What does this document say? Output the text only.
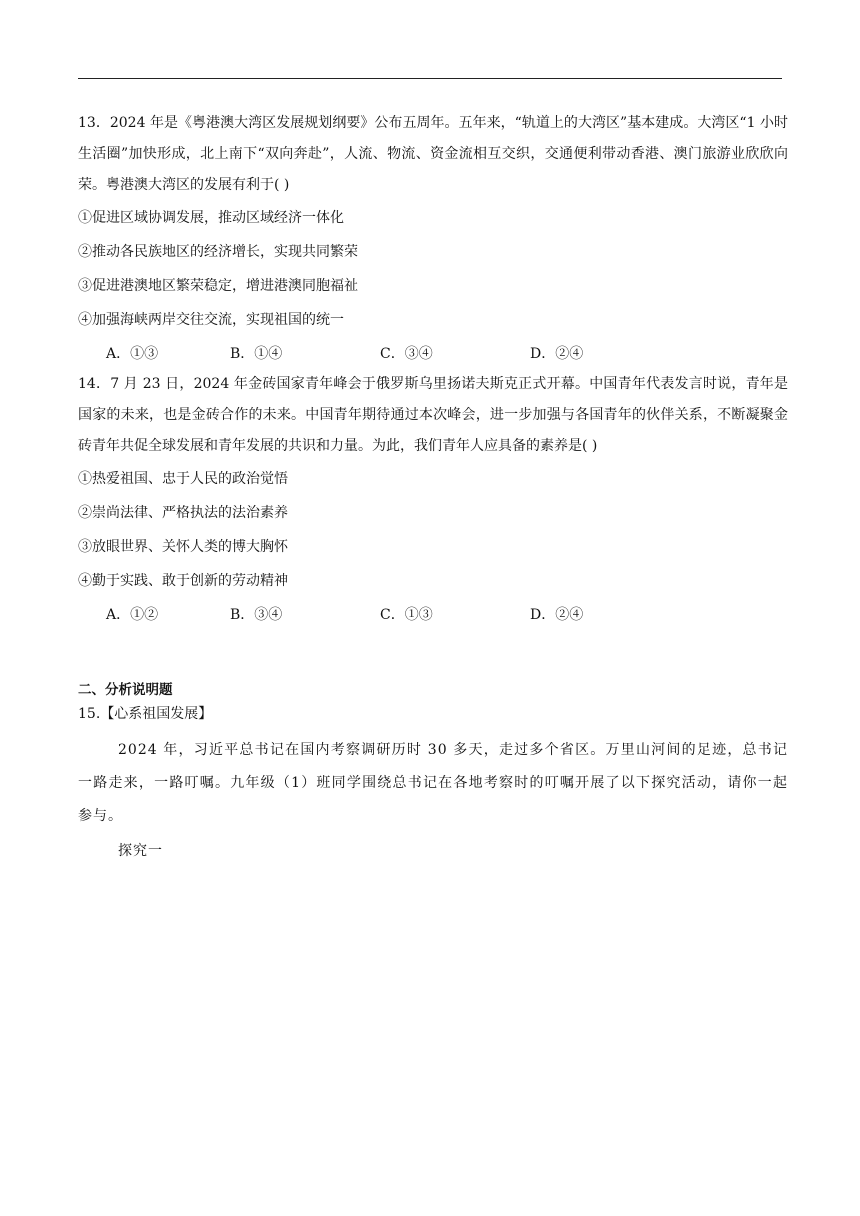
13．2024 年是《粤港澳大湾区发展规划纲要》公布五周年。五年来，“轨道上的大湾区”基本建成。大湾区“1 小时生活圈”加快形成，北上南下“双向奔赴”，人流、物流、资金流相互交织，交通便利带动香港、澳门旅游业欣欣向荣。粤港澳大湾区的发展有利于( )

①促进区域协调发展，推动区域经济一体化

②推动各民族地区的经济增长，实现共同繁荣

③促进港澳地区繁荣稳定，增进港澳同胞福祉

④加强海峡两岸交往交流，实现祖国的统一

A．①③	B．①④	C．③④	D．②④

14．7 月 23 日，2024 年金砖国家青年峰会于俄罗斯乌里扬诺夫斯克正式开幕。中国青年代表发言时说，青年是国家的未来，也是金砖合作的未来。中国青年期待通过本次峰会，进一步加强与各国青年的伙伴关系，不断凝聚金砖青年共促全球发展和青年发展的共识和力量。为此，我们青年人应具备的素养是( )

①热爱祖国、忠于人民的政治觉悟

②崇尚法律、严格执法的法治素养

③放眼世界、关怀人类的博大胸怀

④勤于实践、敢于创新的劳动精神

A．①②	B．③④	C．①③	D．②④

二、分析说明题

15.【心系祖国发展】

2024 年，习近平总书记在国内考察调研历时 30 多天，走过多个省区。万里山河间的足迹，总书记一路走来，一路叮嘱。九年级（1）班同学围绕总书记在各地考察时的叮嘱开展了以下探究活动，请你一起参与。

探究一
